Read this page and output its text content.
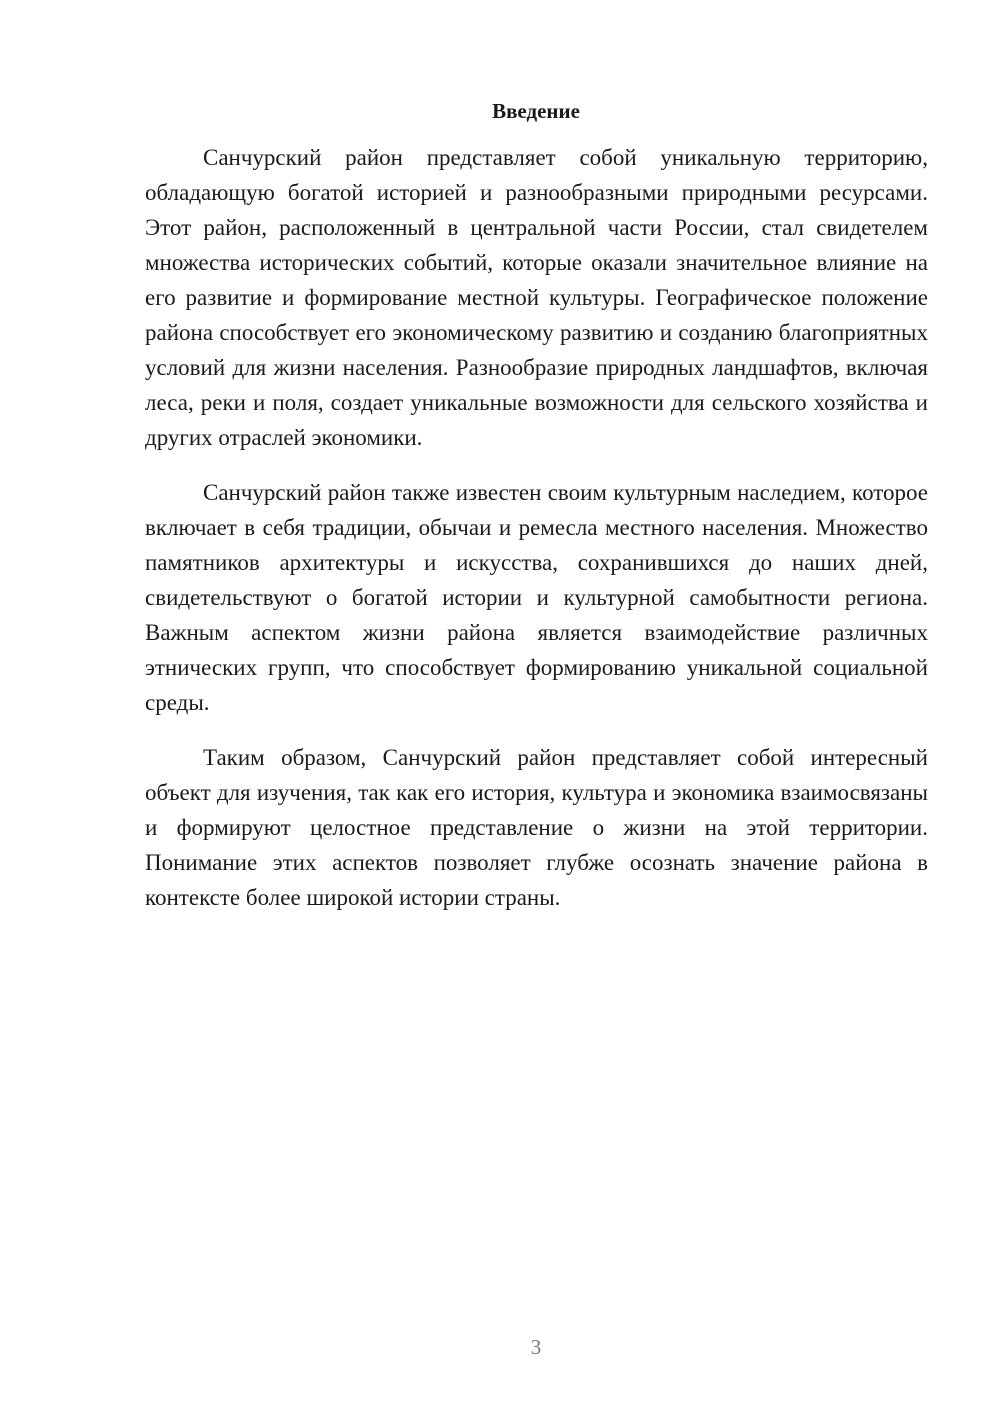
Введение

Санчурский район представляет собой уникальную территорию, обладающую богатой историей и разнообразными природными ресурсами. Этот район, расположенный в центральной части России, стал свидетелем множества исторических событий, которые оказали значительное влияние на его развитие и формирование местной культуры. Географическое положение района способствует его экономическому развитию и созданию благоприятных условий для жизни населения. Разнообразие природных ландшафтов, включая леса, реки и поля, создает уникальные возможности для сельского хозяйства и других отраслей экономики.

Санчурский район также известен своим культурным наследием, которое включает в себя традиции, обычаи и ремесла местного населения. Множество памятников архитектуры и искусства, сохранившихся до наших дней, свидетельствуют о богатой истории и культурной самобытности региона. Важным аспектом жизни района является взаимодействие различных этнических групп, что способствует формированию уникальной социальной среды.

Таким образом, Санчурский район представляет собой интересный объект для изучения, так как его история, культура и экономика взаимосвязаны и формируют целостное представление о жизни на этой территории. Понимание этих аспектов позволяет глубже осознать значение района в контексте более широкой истории страны.

3
